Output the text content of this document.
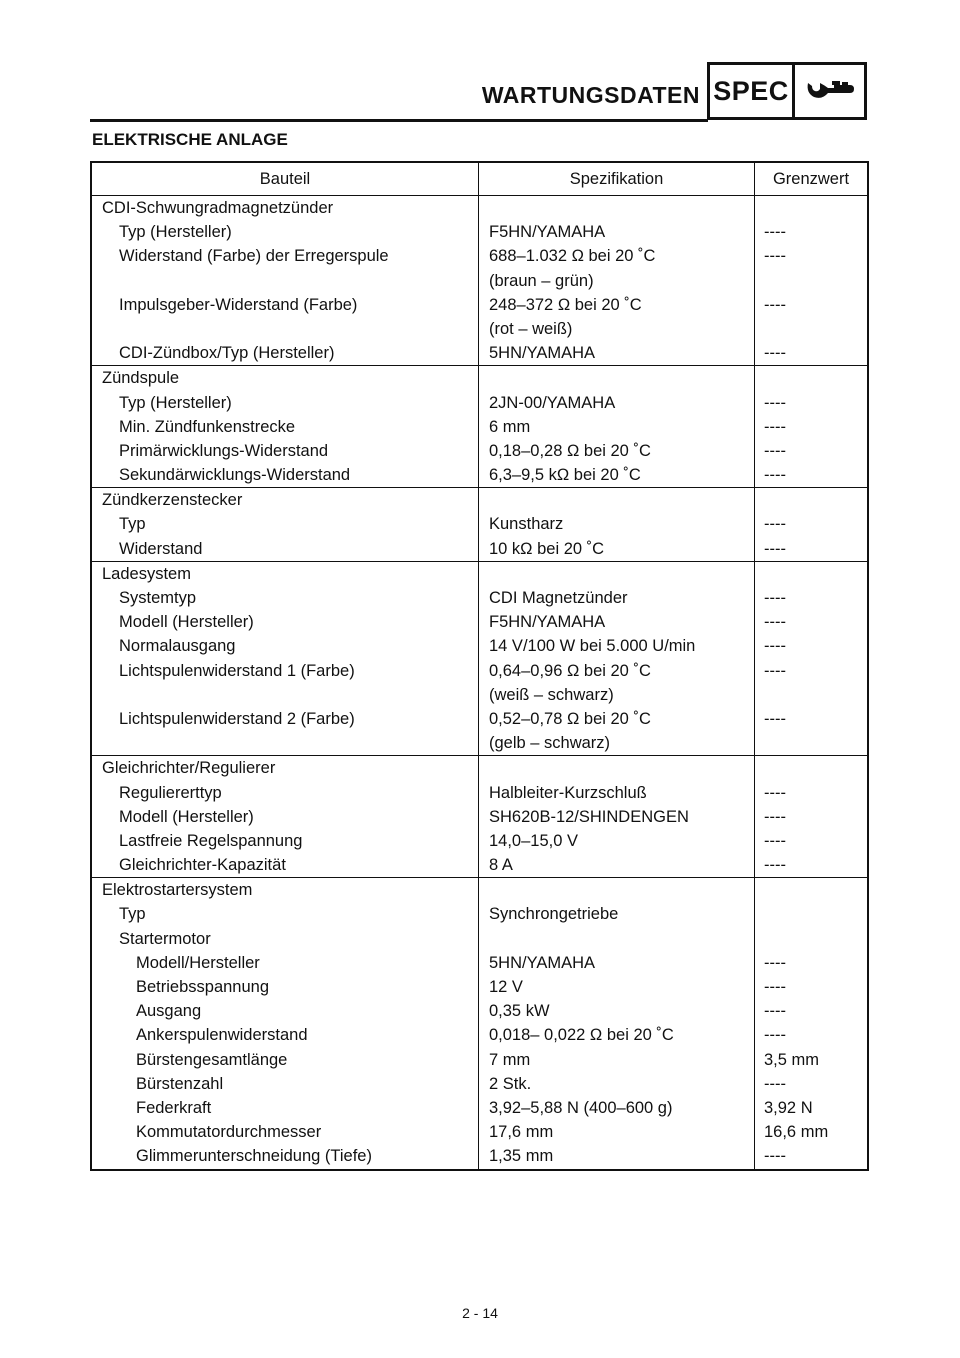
WARTUNGSDATEN SPEC
ELEKTRISCHE ANLAGE
Bauteil	Spezifikation	Grenzwert
CDI-Schwungradmagnetzünder
Typ (Hersteller)
Widerstand (Farbe) der Erregerspule
Impulsgeber-Widerstand (Farbe)
CDI-Zündbox/Typ (Hersteller)
F5HN/YAMAHA
688–1.032 Ω bei 20 ˚C
(braun – grün)
248–372 Ω bei 20 ˚C
(rot – weiß)
5HN/YAMAHA
----
----
----
----
Zündspule
Typ (Hersteller)
Min. Zündfunkenstrecke
Primärwicklungs-Widerstand
Sekundärwicklungs-Widerstand
2JN-00/YAMAHA
6 mm
0,18–0,28 Ω bei 20 ˚C
6,3–9,5 kΩ bei 20 ˚C
----
----
----
----
Zündkerzenstecker
Typ
Widerstand
Kunstharz
10 kΩ bei 20 ˚C
----
----
Ladesystem
Systemtyp
Modell (Hersteller)
Normalausgang
Lichtspulenwiderstand 1 (Farbe)
Lichtspulenwiderstand 2 (Farbe)
CDI Magnetzünder
F5HN/YAMAHA
14 V/100 W bei 5.000 U/min
0,64–0,96 Ω bei 20 ˚C
(weiß – schwarz)
0,52–0,78 Ω bei 20 ˚C
(gelb – schwarz)
----
----
----
----
----
Gleichrichter/Regulierer
Reguliererttyp
Modell (Hersteller)
Lastfreie Regelspannung
Gleichrichter-Kapazität
Halbleiter-Kurzschluß
SH620B-12/SHINDENGEN
14,0–15,0 V
8 A
----
----
----
----
Elektrostartersystem
Typ
Startermotor
Modell/Hersteller
Betriebsspannung
Ausgang
Ankerspulenwiderstand
Bürstengesamtlänge
Bürstenzahl
Federkraft
Kommutatordurchmesser
Glimmerunterschneidung (Tiefe)
Synchrongetriebe
5HN/YAMAHA
12 V
0,35 kW
0,018– 0,022 Ω bei 20 ˚C
7 mm
2 Stk.
3,92–5,88 N (400–600 g)
17,6 mm
1,35 mm
----
----
----
----
3,5 mm
----
3,92 N
16,6 mm
----
2 - 14
